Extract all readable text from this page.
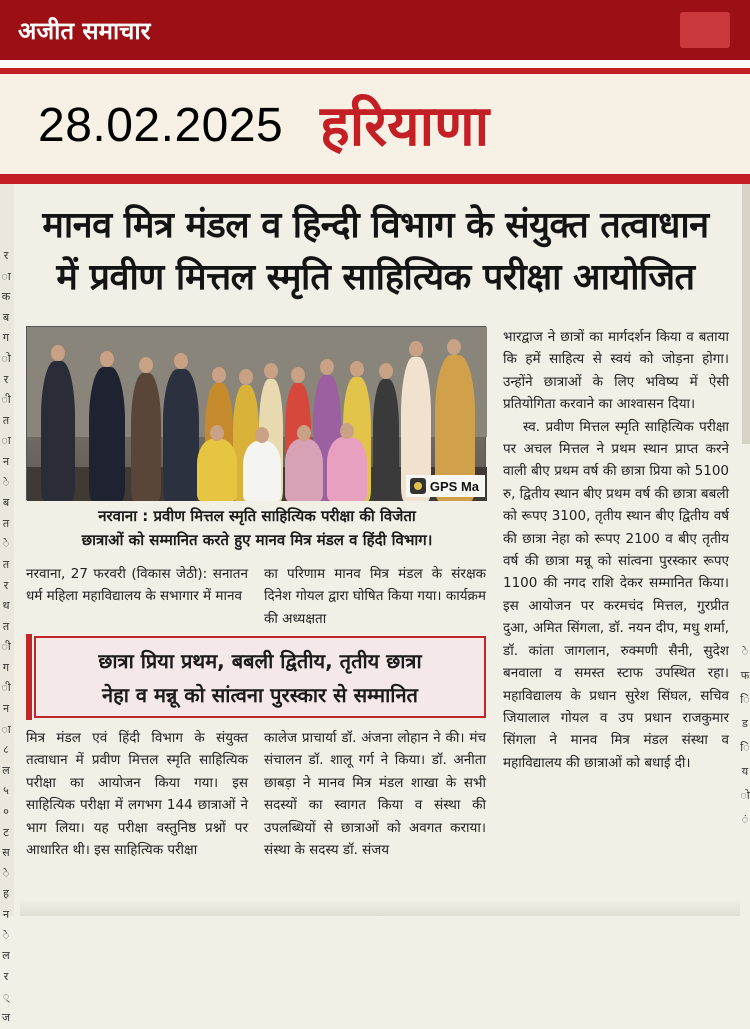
अजीत समाचार
28.02.2025 हरियाणा
र
ा
क
ब
ग
ो
र
ी
त
ा
न
े
ब
त
े
त
र
थ
त
ी
ग
ी
न
ा
८
ल
५
०
ट
स
े
ह
न
े
ल
र
्
ज
े
फ
ि
ड
ि
य
ो
ं
मानव मित्र मंडल व हिन्दी विभाग के संयुक्त तत्वाधान
में प्रवीण मित्तल स्मृति साहित्यिक परीक्षा आयोजित
GPS Ma
नरवाना : प्रवीण मित्तल स्मृति साहित्यिक परीक्षा की विजेता
छात्राओं को सम्मानित करते हुए मानव मित्र मंडल व हिंदी विभाग।
नरवाना, 27 फरवरी (विकास जेठी): सनातन धर्म महिला महाविद्यालय के सभागार में मानव
का परिणाम मानव मित्र मंडल के संरक्षक दिनेश गोयल द्वारा घोषित किया गया। कार्यक्रम की अध्यक्षता
छात्रा प्रिया प्रथम, बबली द्वितीय, तृतीय छात्रा
नेहा व मन्नू को सांत्वना पुरस्कार से सम्मानित
मित्र मंडल एवं हिंदी विभाग के संयुक्त तत्वाधान में प्रवीण मित्तल स्मृति साहित्यिक परीक्षा का आयोजन किया गया। इस साहित्यिक परीक्षा में लगभग 144 छात्राओं ने भाग लिया। यह परीक्षा वस्तुनिष्ठ प्रश्नों पर आधारित थी। इस साहित्यिक परीक्षा
कालेज प्राचार्या डॉ. अंजना लोहान ने की। मंच संचालन डॉ. शालू गर्ग ने किया। डॉ. अनीता छाबड़ा ने मानव मित्र मंडल शाखा के सभी सदस्यों का स्वागत किया व संस्था की उपलब्धियों से छात्राओं को अवगत कराया। संस्था के सदस्य डॉ. संजय

भारद्वाज ने छात्रों का मार्गदर्शन किया व बताया कि हमें साहित्य से स्वयं को जोड़ना होगा। उन्होंने छात्राओं के लिए भविष्य में ऐसी प्रतियोगिता करवाने का आश्वासन दिया।

स्व. प्रवीण मित्तल स्मृति साहित्यिक परीक्षा पर अचल मित्तल ने प्रथम स्थान प्राप्त करने वाली बीए प्रथम वर्ष की छात्रा प्रिया को 5100 रु, द्वितीय स्थान बीए प्रथम वर्ष की छात्रा बबली को रूपए 3100, तृतीय स्थान बीए द्वितीय वर्ष की छात्रा नेहा को रूपए 2100 व बीए तृतीय वर्ष की छात्रा मन्नू को सांत्वना पुरस्कार रूपए 1100 की नगद राशि देकर सम्मानित किया। इस आयोजन पर करमचंद मित्तल, गुरप्रीत दुआ, अमित सिंगला, डॉ. नयन दीप, मधु शर्मा, डॉ. कांता जागलान, रुक्मणी सैनी, सुदेश बनवाला व समस्त स्टाफ उपस्थित रहा। महाविद्यालय के प्रधान सुरेश सिंघल, सचिव जियालाल गोयल व उप प्रधान राजकुमार सिंगला ने मानव मित्र मंडल संस्था व महाविद्यालय की छात्राओं को बधाई दी।
